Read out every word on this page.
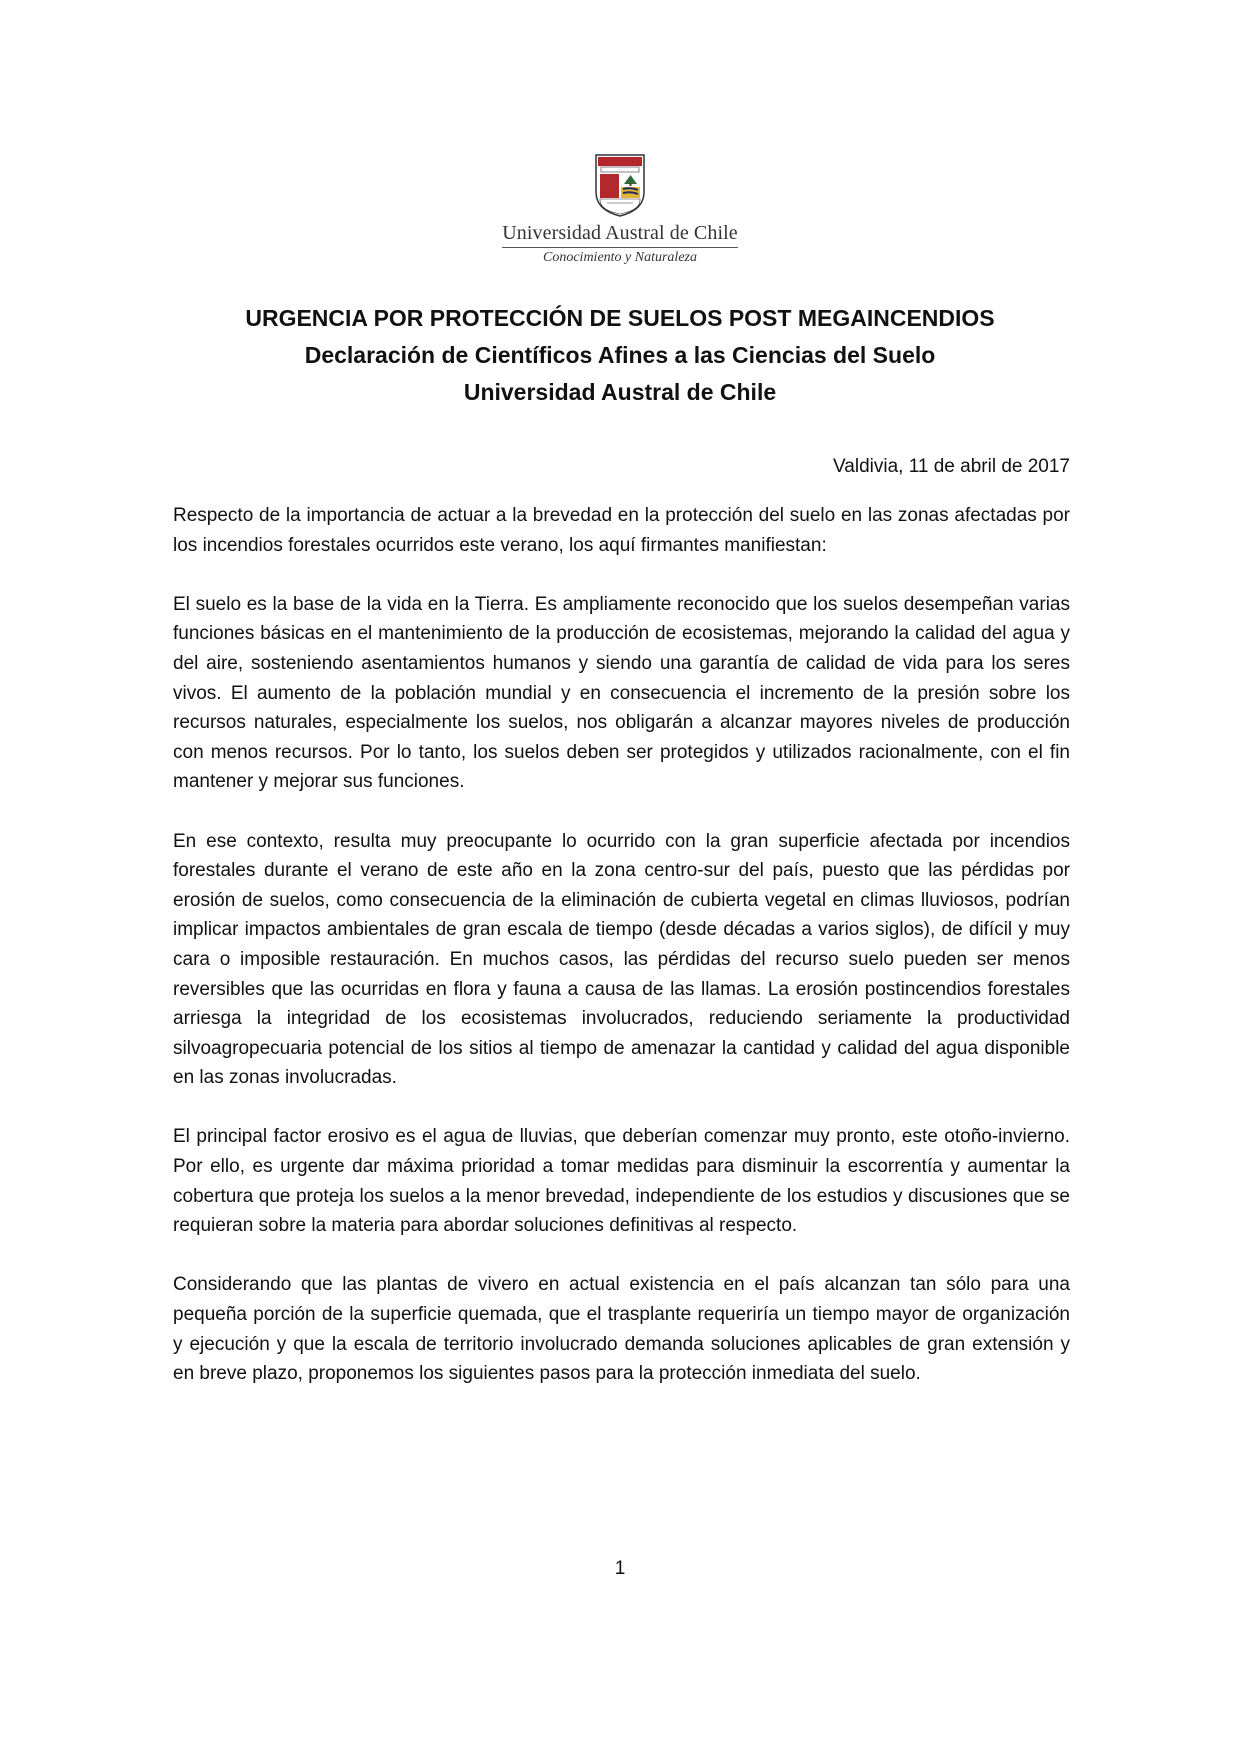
Universidad Austral de Chile
Conocimiento y Naturaleza
URGENCIA POR PROTECCIÓN DE SUELOS POST MEGAINCENDIOS
Declaración de Científicos Afines a las Ciencias del Suelo
Universidad Austral de Chile
Valdivia, 11 de abril de 2017

Respecto de la importancia de actuar a la brevedad en la protección del suelo en las zonas afectadas por los incendios forestales ocurridos este verano, los aquí firmantes manifiestan:

El suelo es la base de la vida en la Tierra. Es ampliamente reconocido que los suelos desempeñan varias funciones básicas en el mantenimiento de la producción de ecosistemas, mejorando la calidad del agua y del aire, sosteniendo asentamientos humanos y siendo una garantía de calidad de vida para los seres vivos. El aumento de la población mundial y en consecuencia el incremento de la presión sobre los recursos naturales, especialmente los suelos, nos obligarán a alcanzar mayores niveles de producción con menos recursos. Por lo tanto, los suelos deben ser protegidos y utilizados racionalmente, con el fin mantener y mejorar sus funciones.

En ese contexto, resulta muy preocupante lo ocurrido con la gran superficie afectada por incendios forestales durante el verano de este año en la zona centro-sur del país, puesto que las pérdidas por erosión de suelos, como consecuencia de la eliminación de cubierta vegetal en climas lluviosos, podrían implicar impactos ambientales de gran escala de tiempo (desde décadas a varios siglos), de difícil y muy cara o imposible restauración. En muchos casos, las pérdidas del recurso suelo pueden ser menos reversibles que las ocurridas en flora y fauna a causa de las llamas. La erosión postincendios forestales arriesga la integridad de los ecosistemas involucrados, reduciendo seriamente la productividad silvoagropecuaria potencial de los sitios al tiempo de amenazar la cantidad y calidad del agua disponible en las zonas involucradas.

El principal factor erosivo es el agua de lluvias, que deberían comenzar muy pronto, este otoño-invierno. Por ello, es urgente dar máxima prioridad a tomar medidas para disminuir la escorrentía y aumentar la cobertura que proteja los suelos a la menor brevedad, independiente de los estudios y discusiones que se requieran sobre la materia para abordar soluciones definitivas al respecto.

Considerando que las plantas de vivero en actual existencia en el país alcanzan tan sólo para una pequeña porción de la superficie quemada, que el trasplante requeriría un tiempo mayor de organización y ejecución y que la escala de territorio involucrado demanda soluciones aplicables de gran extensión y en breve plazo, proponemos los siguientes pasos para la protección inmediata del suelo.

1
